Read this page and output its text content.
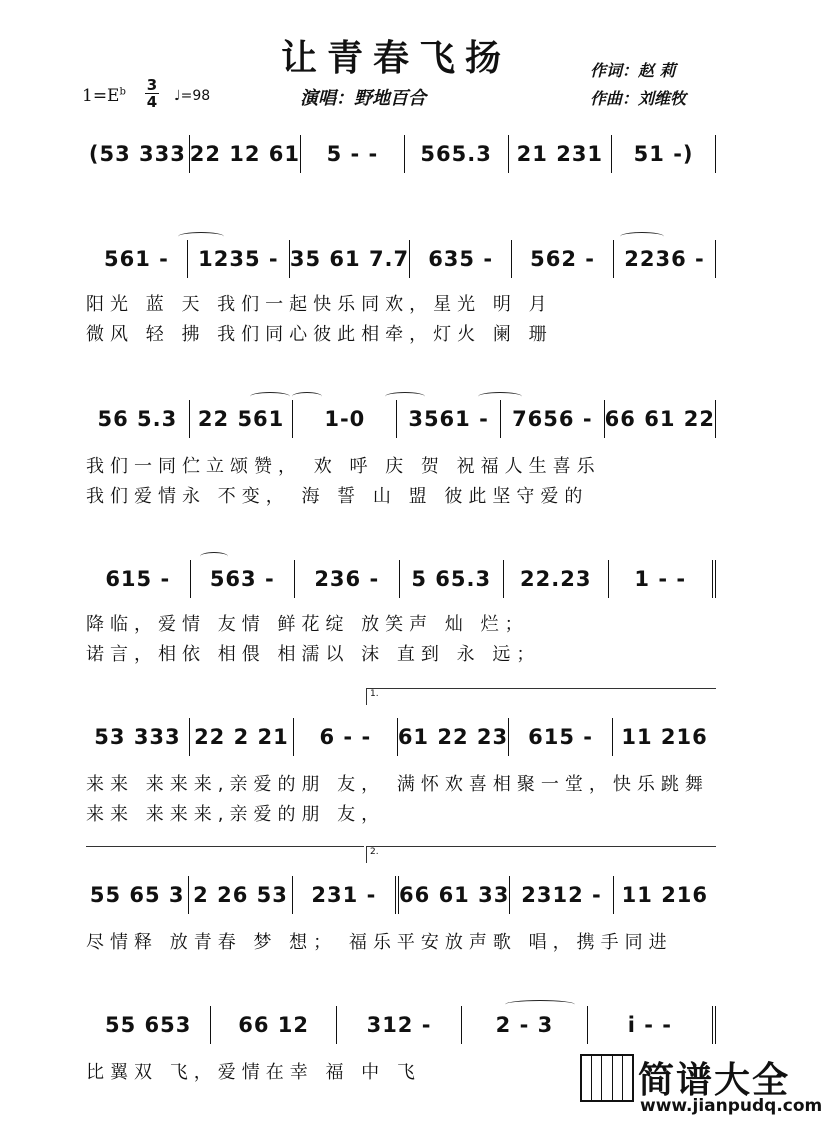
让青春飞扬
$1=E^b$ 3
4 ♩=98	演唱：野地百合
作词：赵 莉
作曲：刘维牧
(53 333 22 12 61	5 - -	565.3	21 231	51 -)
561 -	1235 - 35 61 7.7 635 -	562 -	2236 -
阳光 蓝 天 我们一起快乐同欢，星光 明 月
微风 轻 拂 我们同心彼此相牵，灯火 阑 珊
56 5.3 22 561	1-0	3561 -	7656 - 66 61 22
我们一同伫立颂赞， 欢 呼 庆 贺 祝福人生喜乐
我们爱情永 不变， 海 誓 山 盟 彼此坚守爱的
615 -	563 -	236 -	5 65.3	22.23	1 - -
降临，爱情 友情 鲜花绽 放笑声 灿 烂；
诺言，相依 相偎 相濡以 沫 直到 永 远；
1.
53 333 22 2 21	6 - -	61 22 23 615 -	11 216
来来 来来来,亲爱的朋 友， 满怀欢喜相聚一堂，快乐跳舞
来来 来来来,亲爱的朋 友，
2.
55 65 3 2 26 53	231 -	66 61 33 2312 - 11 216
尽情释 放青春 梦 想； 福乐平安放声歌 唱，携手同进
55 653	66 12	312 -	2 - 3	i - -
比翼双 飞，爱情在幸 福 中 飞	简谱大全
www.jianpudq.com
